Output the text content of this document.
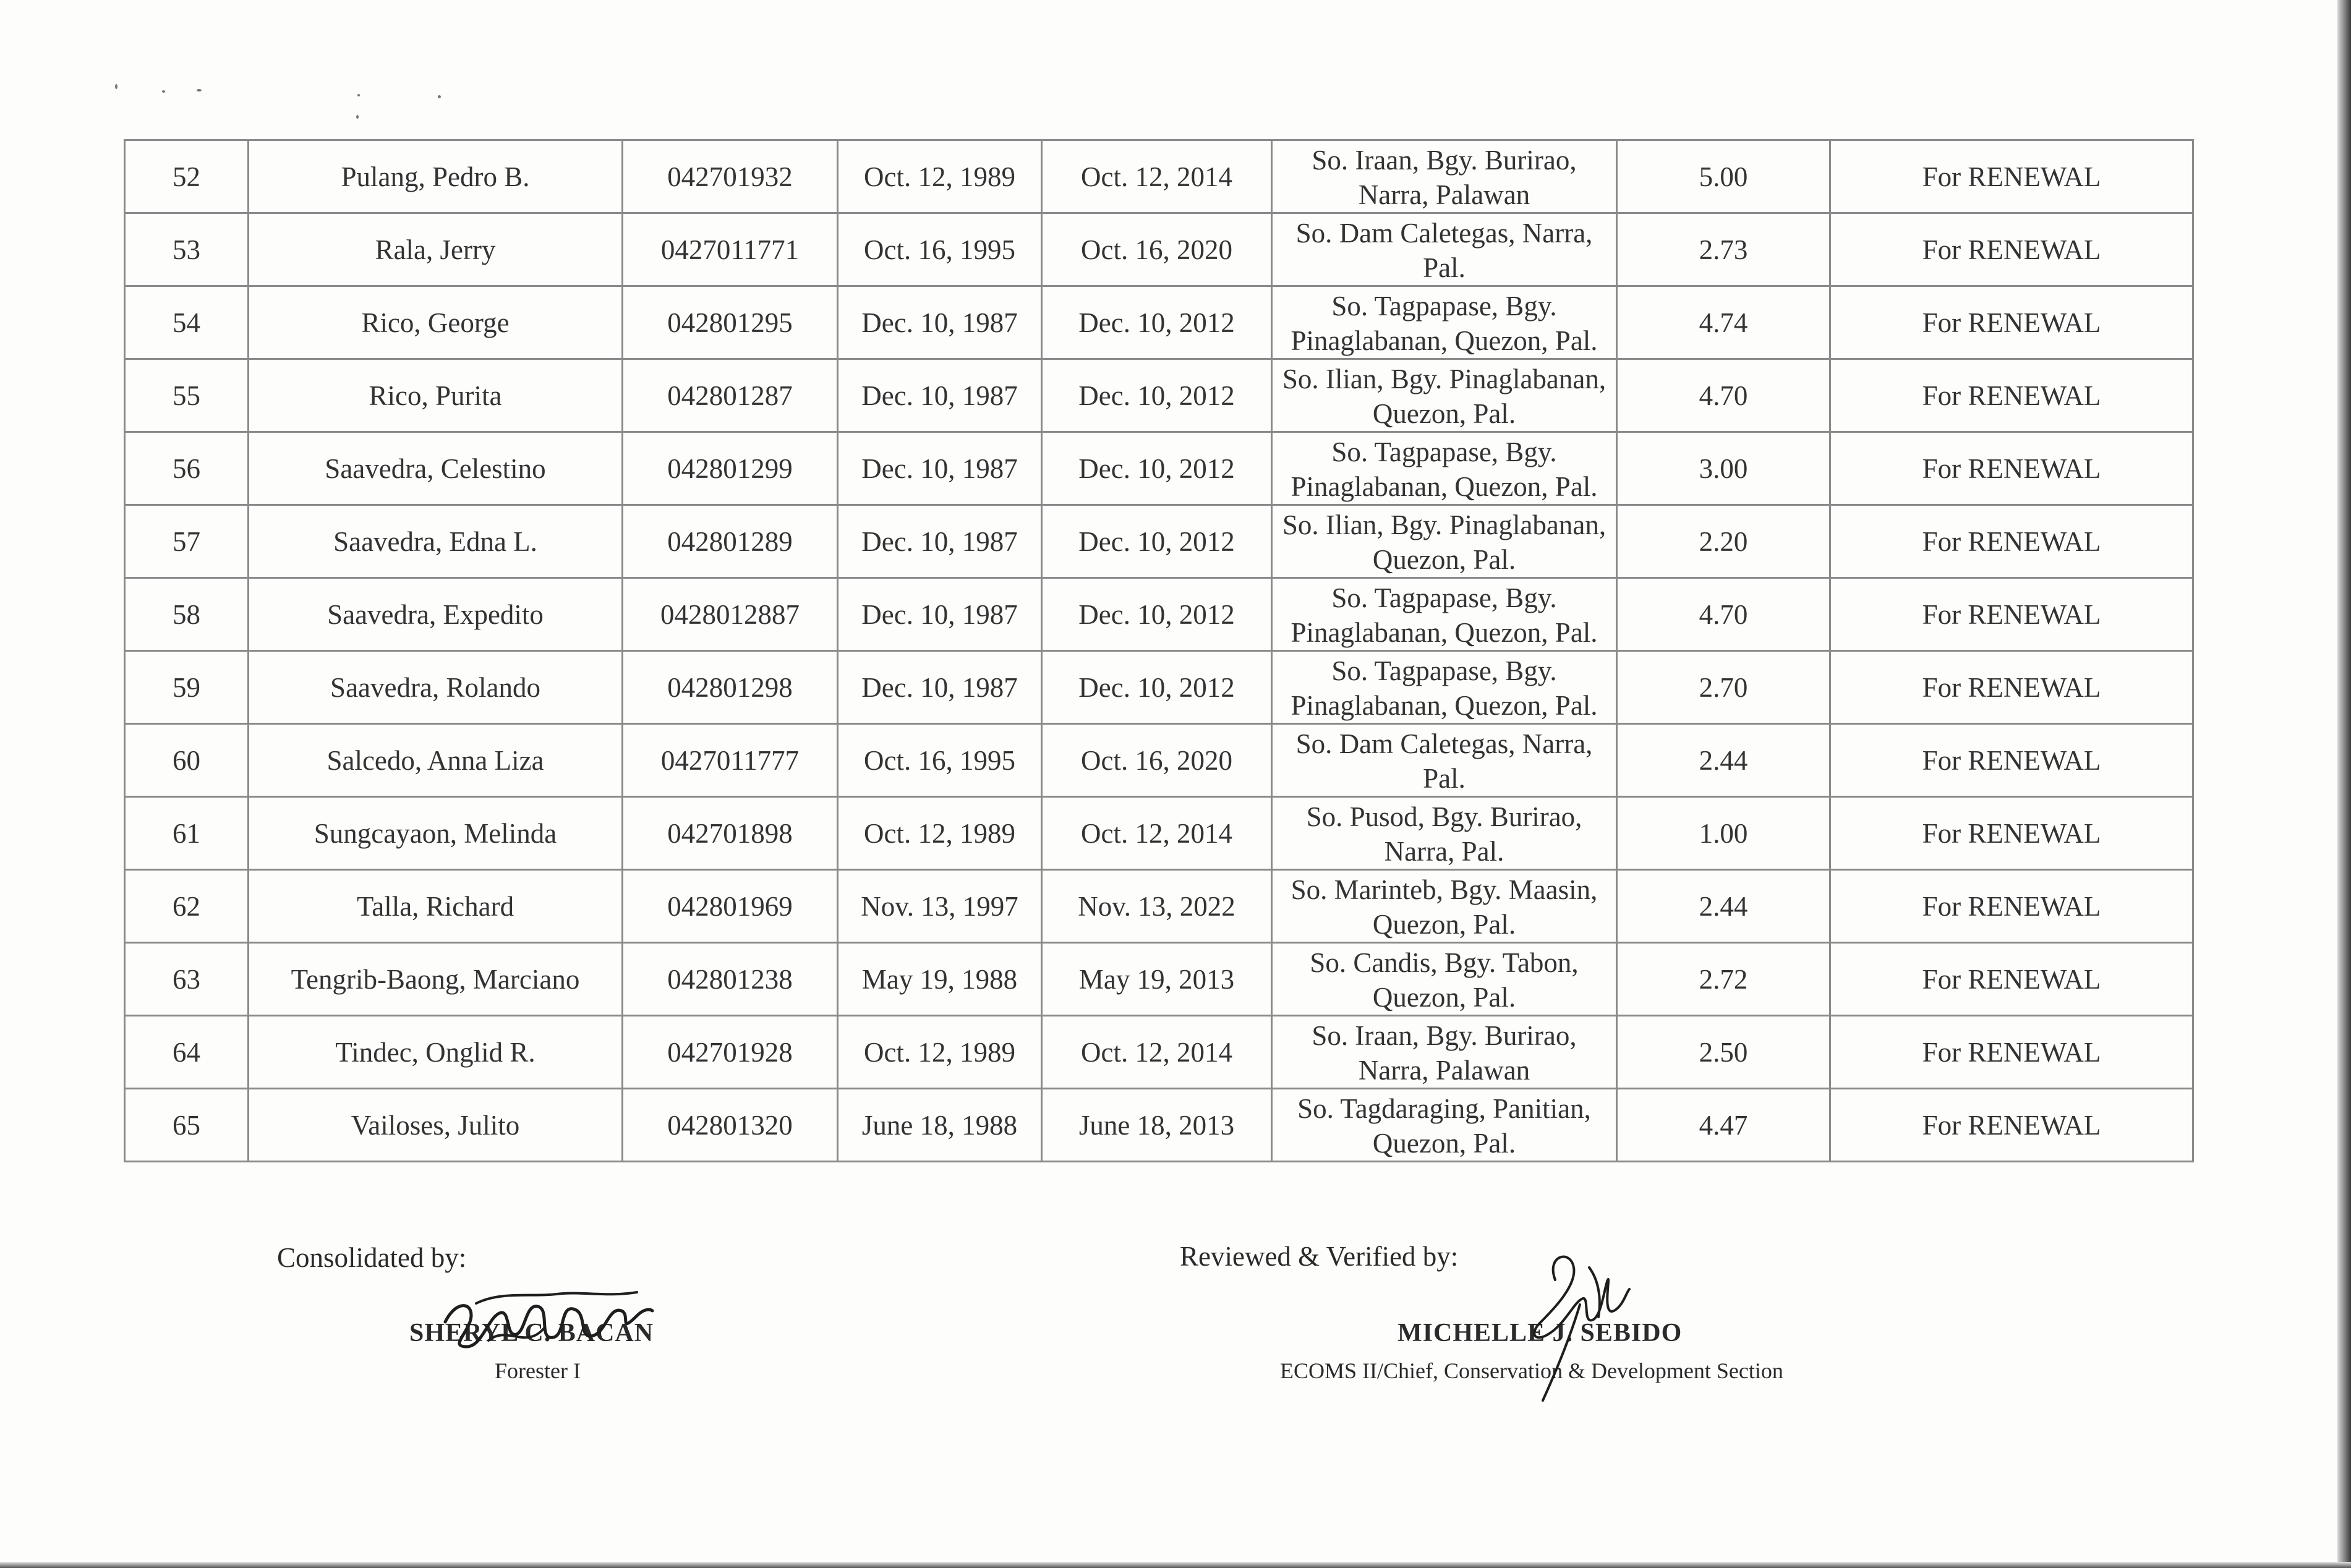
52	Pulang, Pedro B.	042701932	Oct. 12, 1989	Oct. 12, 2014	So. Iraan, Bgy. Burirao,
Narra, Palawan	5.00	For RENEWAL
53	Rala, Jerry	0427011771	Oct. 16, 1995	Oct. 16, 2020	So. Dam Caletegas, Narra,
Pal.	2.73	For RENEWAL
54	Rico, George	042801295	Dec. 10, 1987	Dec. 10, 2012	So. Tagpapase, Bgy.
Pinaglabanan, Quezon, Pal.	4.74	For RENEWAL
55	Rico, Purita	042801287	Dec. 10, 1987	Dec. 10, 2012	So. Ilian, Bgy. Pinaglabanan,
Quezon, Pal.	4.70	For RENEWAL
56	Saavedra, Celestino	042801299	Dec. 10, 1987	Dec. 10, 2012	So. Tagpapase, Bgy.
Pinaglabanan, Quezon, Pal.	3.00	For RENEWAL
57	Saavedra, Edna L.	042801289	Dec. 10, 1987	Dec. 10, 2012	So. Ilian, Bgy. Pinaglabanan,
Quezon, Pal.	2.20	For RENEWAL
58	Saavedra, Expedito	0428012887	Dec. 10, 1987	Dec. 10, 2012	So. Tagpapase, Bgy.
Pinaglabanan, Quezon, Pal.	4.70	For RENEWAL
59	Saavedra, Rolando	042801298	Dec. 10, 1987	Dec. 10, 2012	So. Tagpapase, Bgy.
Pinaglabanan, Quezon, Pal.	2.70	For RENEWAL
60	Salcedo, Anna Liza	0427011777	Oct. 16, 1995	Oct. 16, 2020	So. Dam Caletegas, Narra,
Pal.	2.44	For RENEWAL
61	Sungcayaon, Melinda	042701898	Oct. 12, 1989	Oct. 12, 2014	So. Pusod, Bgy. Burirao,
Narra, Pal.	1.00	For RENEWAL
62	Talla, Richard	042801969	Nov. 13, 1997	Nov. 13, 2022	So. Marinteb, Bgy. Maasin,
Quezon, Pal.	2.44	For RENEWAL
63	Tengrib-Baong, Marciano	042801238	May 19, 1988	May 19, 2013	So. Candis, Bgy. Tabon,
Quezon, Pal.	2.72	For RENEWAL
64	Tindec, Onglid R.	042701928	Oct. 12, 1989	Oct. 12, 2014	So. Iraan, Bgy. Burirao,
Narra, Palawan	2.50	For RENEWAL
65	Vailoses, Julito	042801320	June 18, 1988	June 18, 2013	So. Tagdaraging, Panitian,
Quezon, Pal.	4.47	For RENEWAL
Consolidated by:
SHERYL C. BACAN
Forester I
Reviewed & Verified by:
MICHELLE J. SEBIDO
ECOMS II/Chief, Conservation & Development Section
